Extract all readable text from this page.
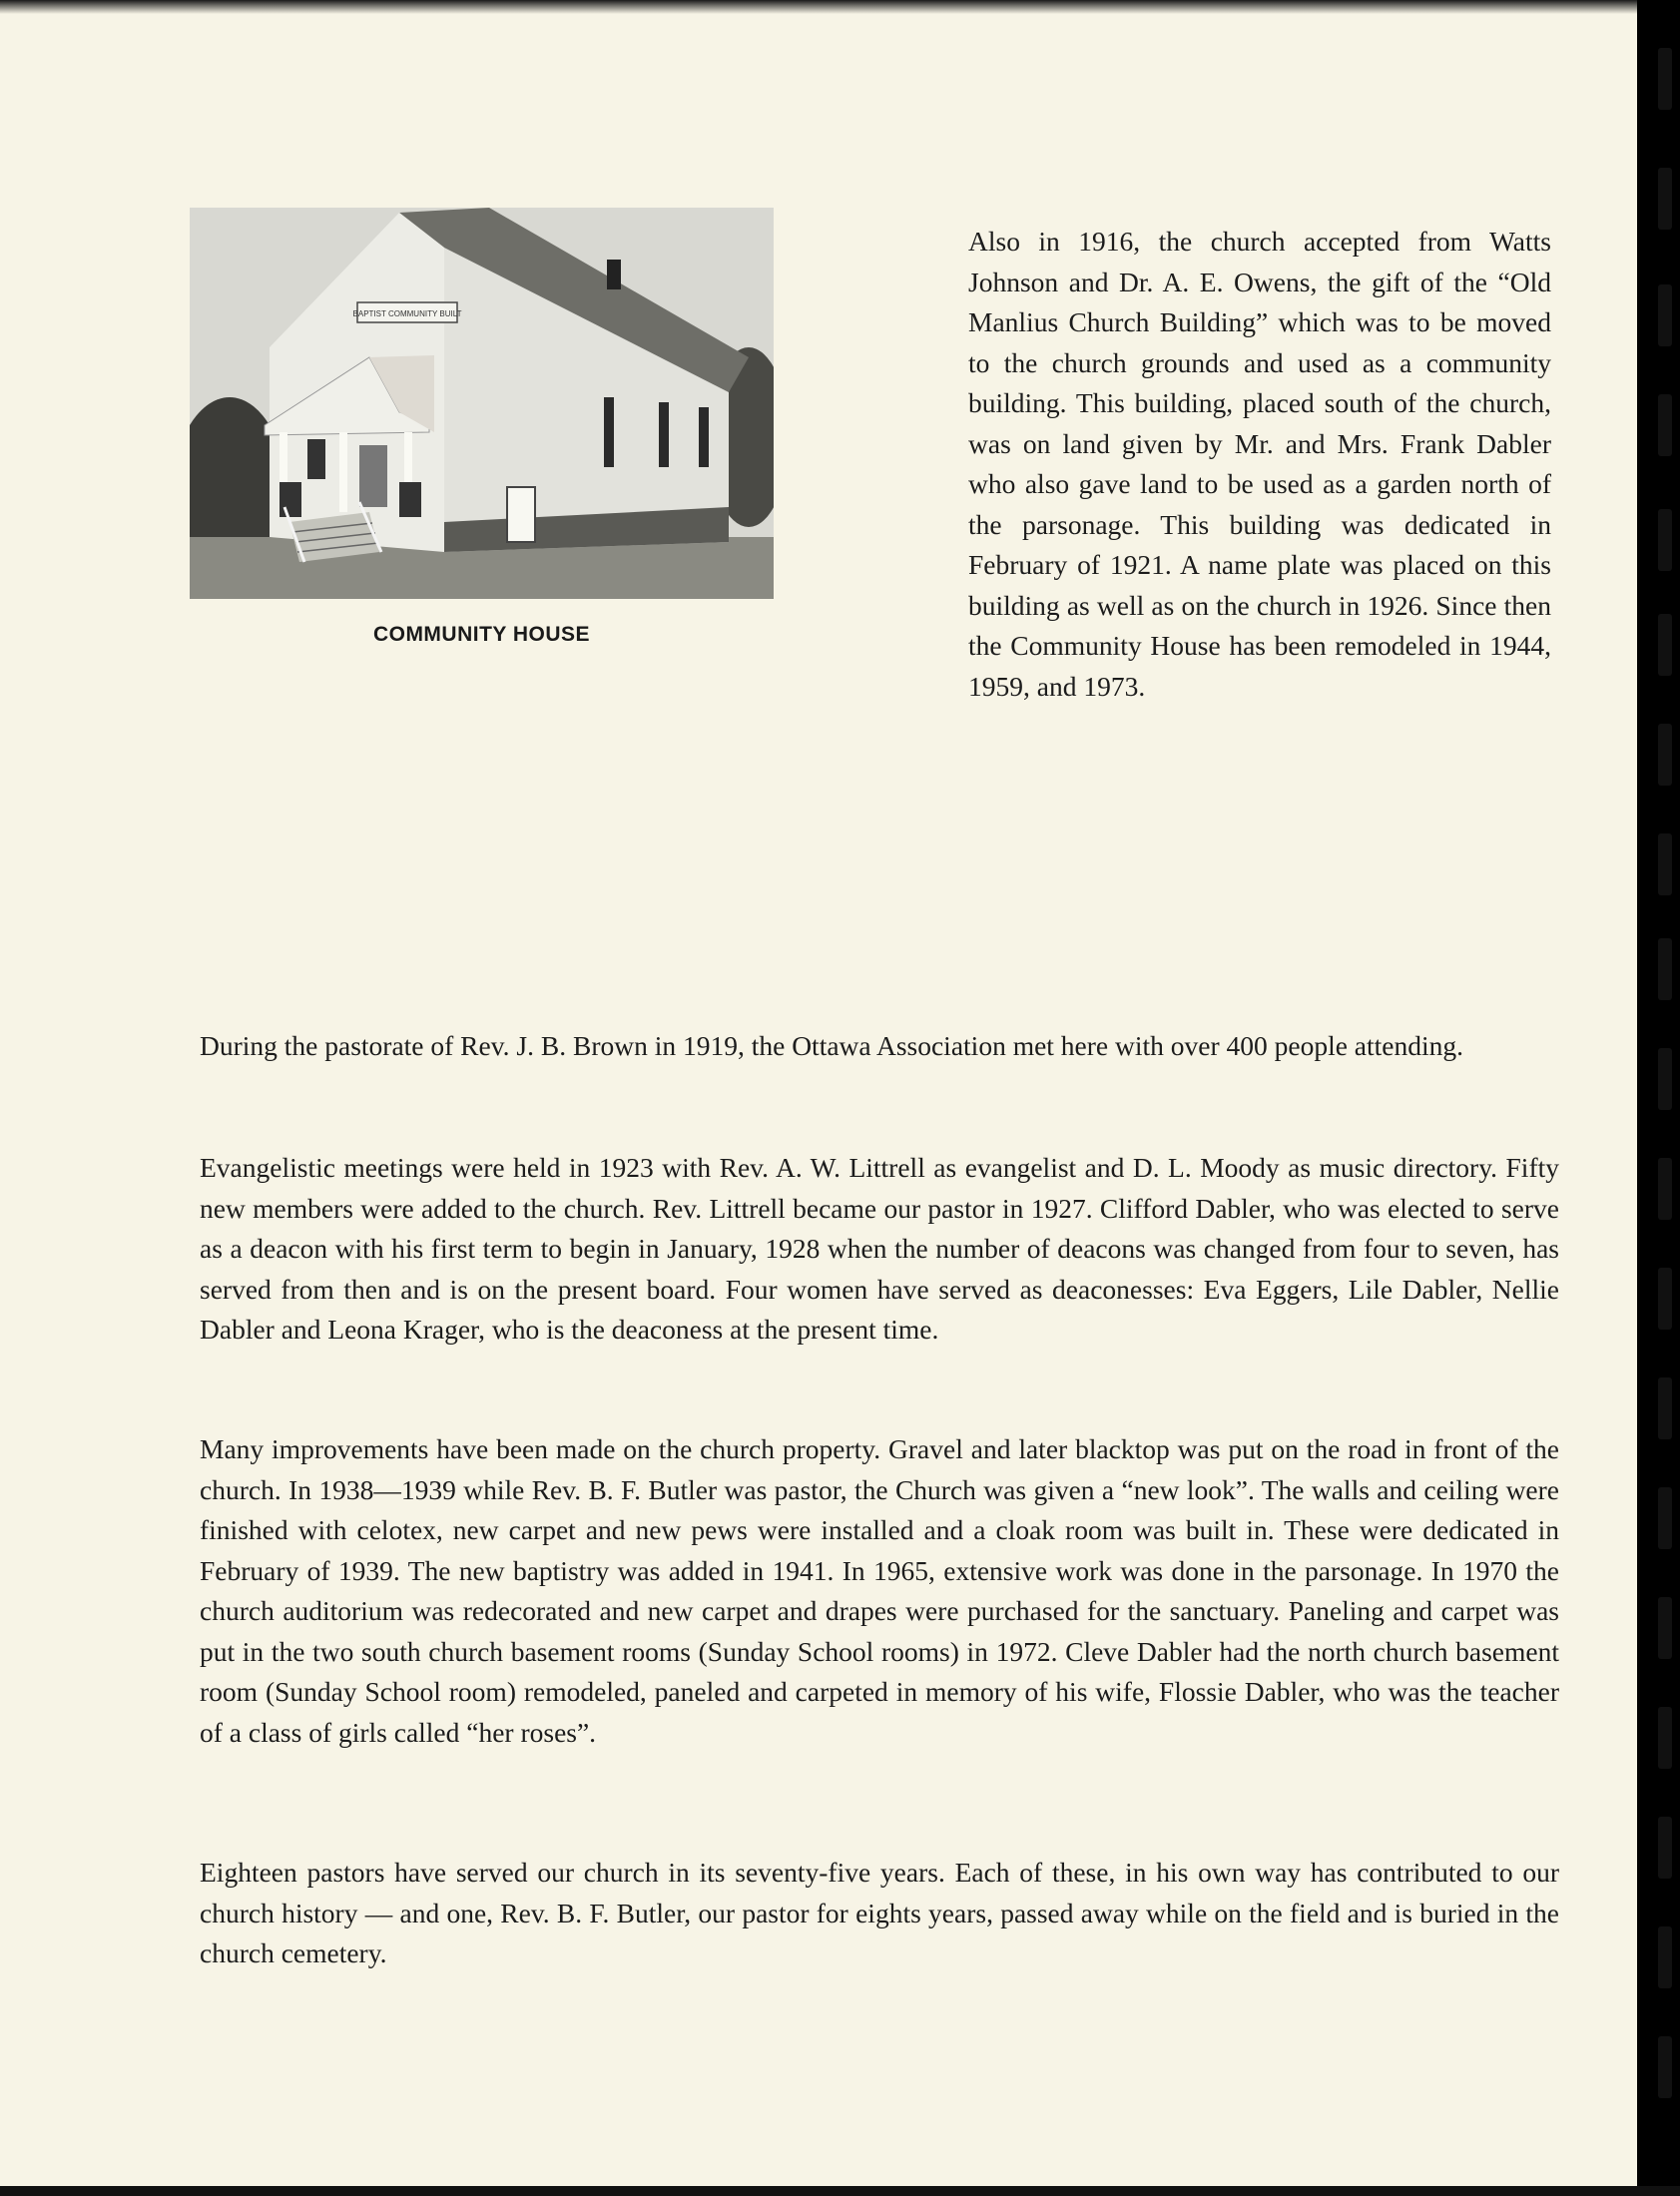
BAPTIST COMMUNITY BUILT
COMMUNITY HOUSE
Also in 1916, the church accepted from Watts Johnson and Dr. A. E. Owens, the gift of the “Old Manlius Church Building” which was to be moved to the church grounds and used as a community building. This building, placed south of the church, was on land given by Mr. and Mrs. Frank Dabler who also gave land to be used as a garden north of the parsonage. This building was dedicated in February of 1921. A name plate was placed on this building as well as on the church in 1926. Since then the Community House has been remodeled in 1944, 1959, and 1973.

During the pastorate of Rev. J. B. Brown in 1919, the Ottawa Association met here with over 400 people attending.

Evangelistic meetings were held in 1923 with Rev. A. W. Littrell as evangelist and D. L. Moody as music directory. Fifty new members were added to the church. Rev. Littrell became our pastor in 1927. Clifford Dabler, who was elected to serve as a deacon with his first term to begin in January, 1928 when the number of deacons was changed from four to seven, has served from then and is on the present board. Four women have served as deaconesses: Eva Eggers, Lile Dabler, Nellie Dabler and Leona Krager, who is the deaconess at the present time.

Many improvements have been made on the church property. Gravel and later blacktop was put on the road in front of the church. In 1938—1939 while Rev. B. F. Butler was pastor, the Church was given a “new look”. The walls and ceiling were finished with celotex, new carpet and new pews were installed and a cloak room was built in. These were dedicated in February of 1939. The new baptistry was added in 1941. In 1965, extensive work was done in the parsonage. In 1970 the church auditorium was redecorated and new carpet and drapes were purchased for the sanctuary. Paneling and carpet was put in the two south church basement rooms (Sunday School rooms) in 1972. Cleve Dabler had the north church basement room (Sunday School room) remodeled, paneled and carpeted in memory of his wife, Flossie Dabler, who was the teacher of a class of girls called “her roses”.

Eighteen pastors have served our church in its seventy-five years. Each of these, in his own way has contributed to our church history — and one, Rev. B. F. Butler, our pastor for eights years, passed away while on the field and is buried in the church cemetery.
